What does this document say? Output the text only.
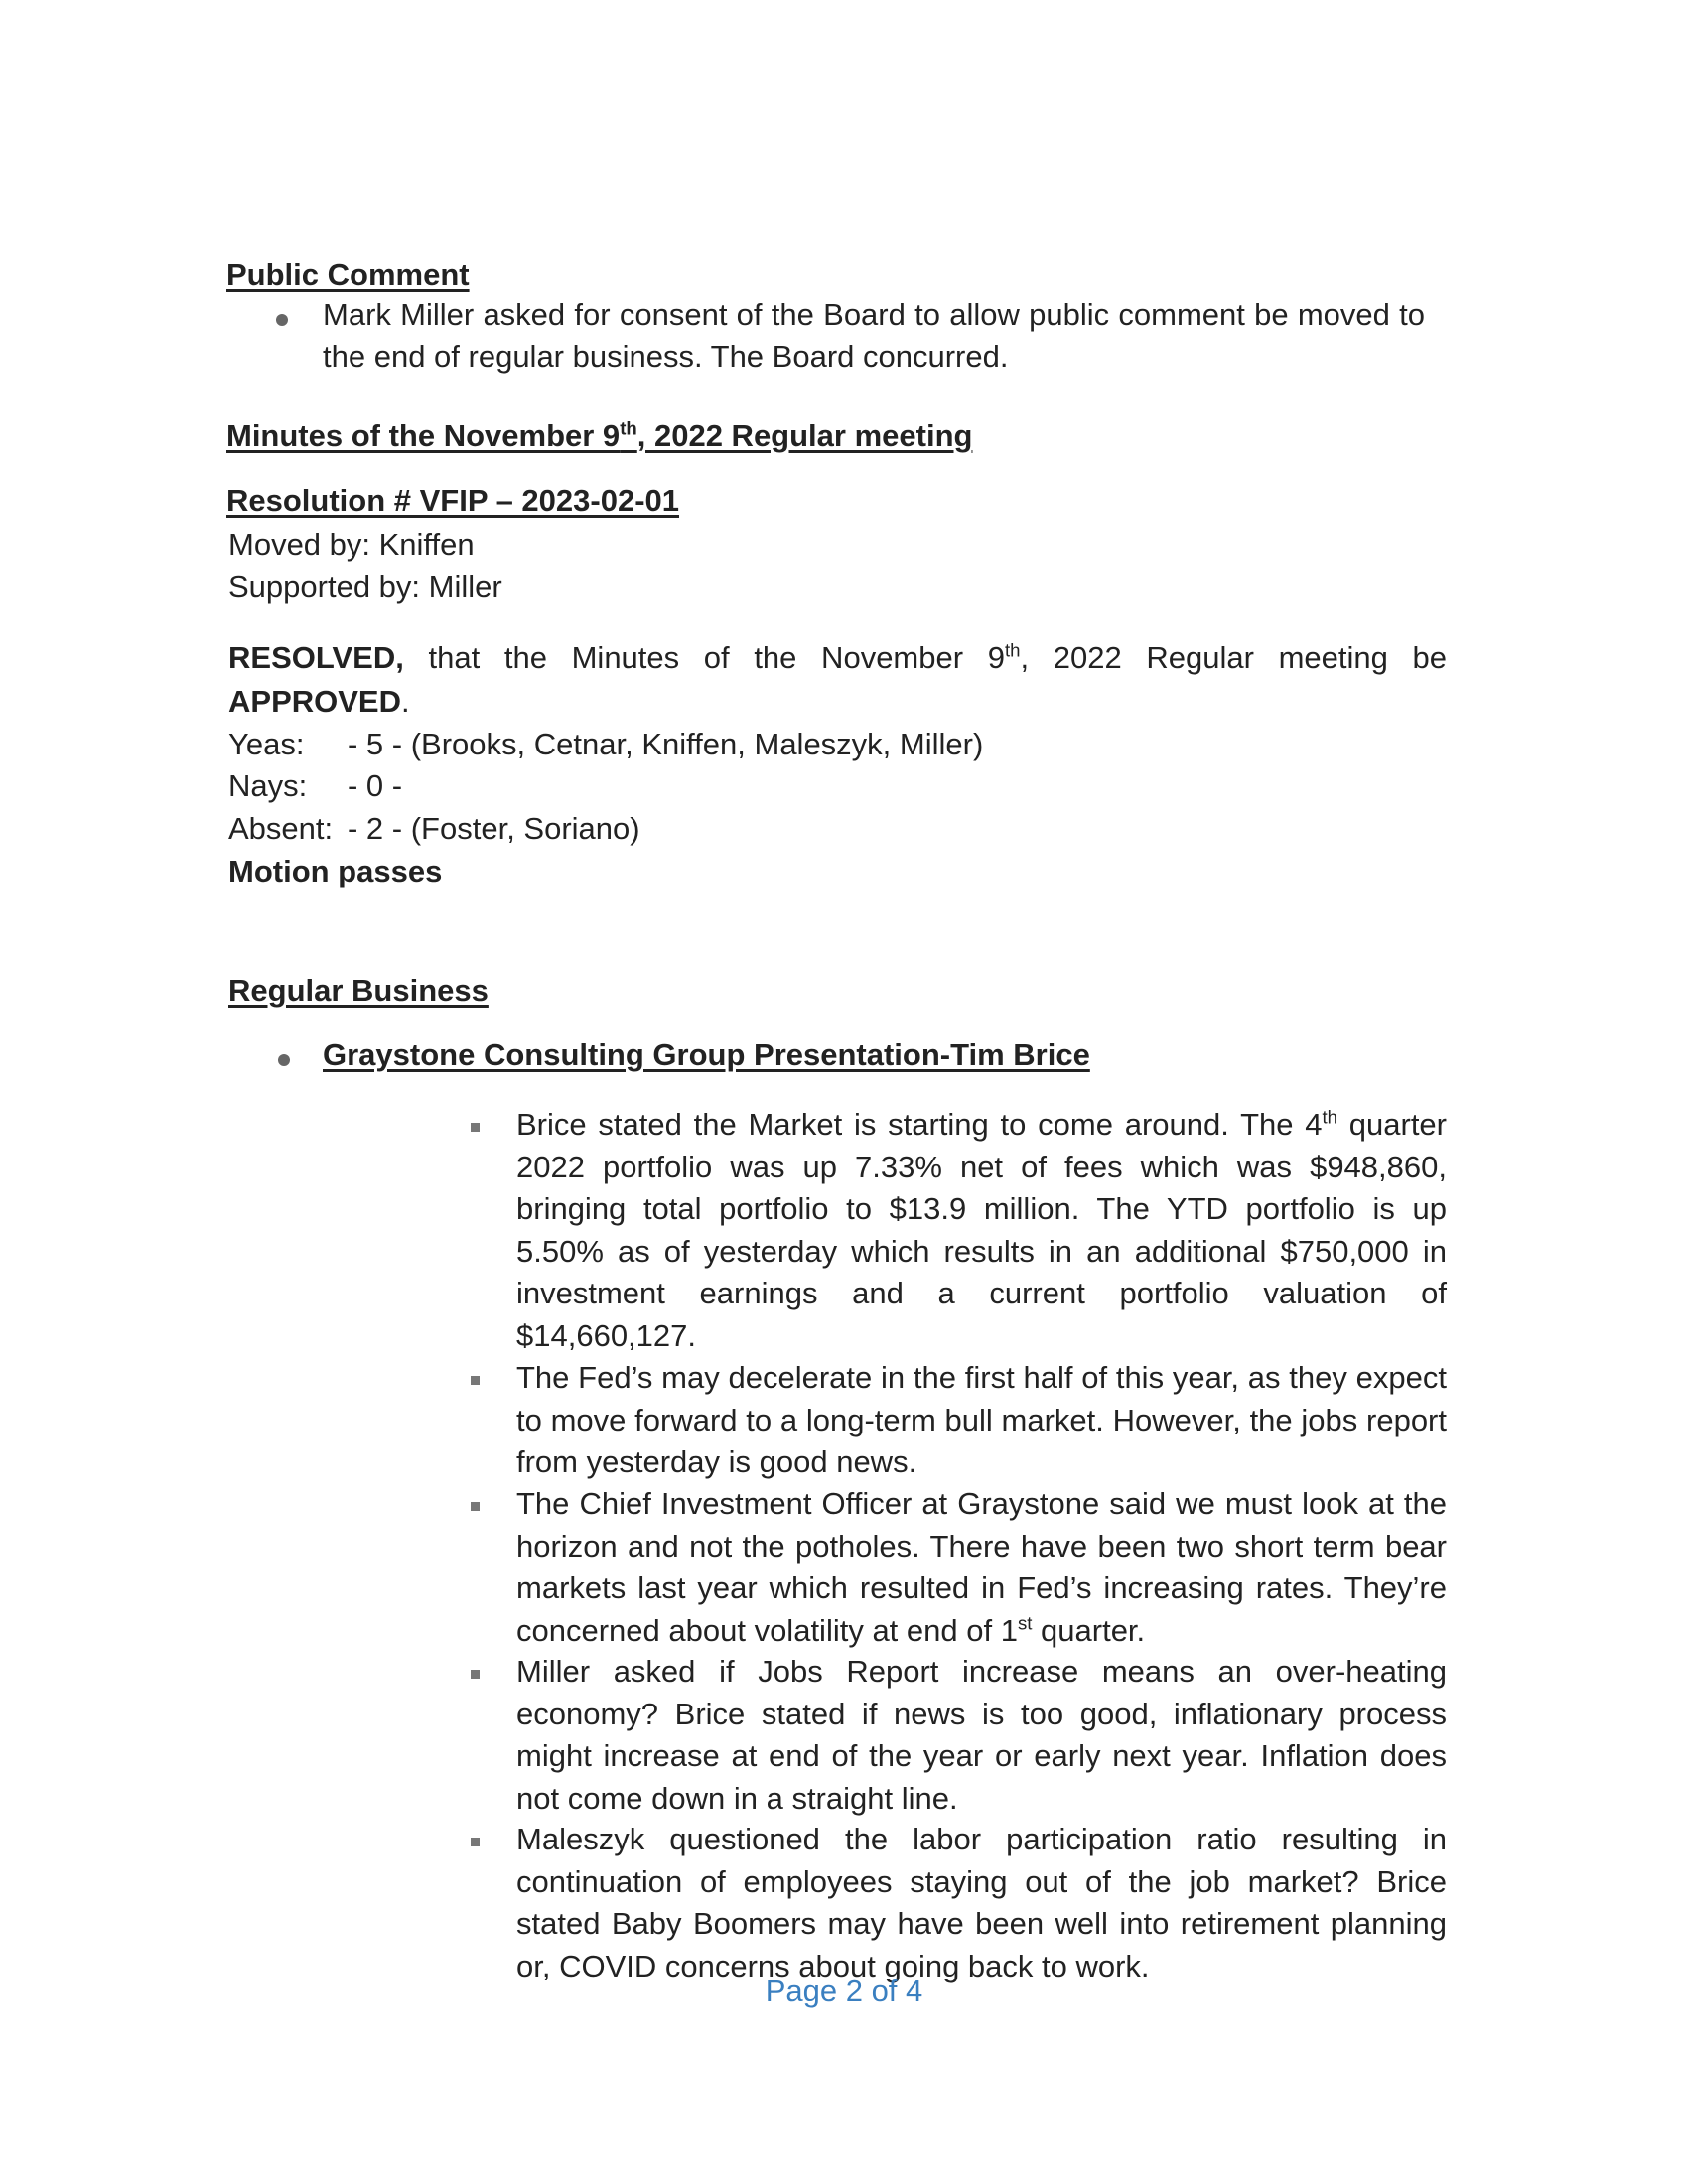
Public Comment
Mark Miller asked for consent of the Board to allow public comment be moved to the end of regular business. The Board concurred.
Minutes of the November 9th, 2022 Regular meeting
Resolution # VFIP – 2023-02-01
Moved by: Kniffen
Supported by: Miller
RESOLVED, that the Minutes of the November 9th, 2022 Regular meeting be
APPROVED.
Yeas: - 5 - (Brooks, Cetnar, Kniffen, Maleszyk, Miller)
Nays: - 0 -
Absent: - 2 - (Foster, Soriano)
Motion passes
Regular Business
Graystone Consulting Group Presentation-Tim Brice
Brice stated the Market is starting to come around. The 4th quarter 2022 portfolio was up 7.33% net of fees which was $948,860, bringing total portfolio to $13.9 million. The YTD portfolio is up 5.50% as of yesterday which results in an additional $750,000 in investment earnings and a current portfolio valuation of $14,660,127.
The Fed’s may decelerate in the first half of this year, as they expect to move forward to a long-term bull market. However, the jobs report from yesterday is good news.
The Chief Investment Officer at Graystone said we must look at the horizon and not the potholes. There have been two short term bear markets last year which resulted in Fed’s increasing rates. They’re concerned about volatility at end of 1st quarter.
Miller asked if Jobs Report increase means an over-heating economy? Brice stated if news is too good, inflationary process might increase at end of the year or early next year. Inflation does not come down in a straight line.
Maleszyk questioned the labor participation ratio resulting in continuation of employees staying out of the job market? Brice stated Baby Boomers may have been well into retirement planning or, COVID concerns about going back to work.
Page 2 of 4
